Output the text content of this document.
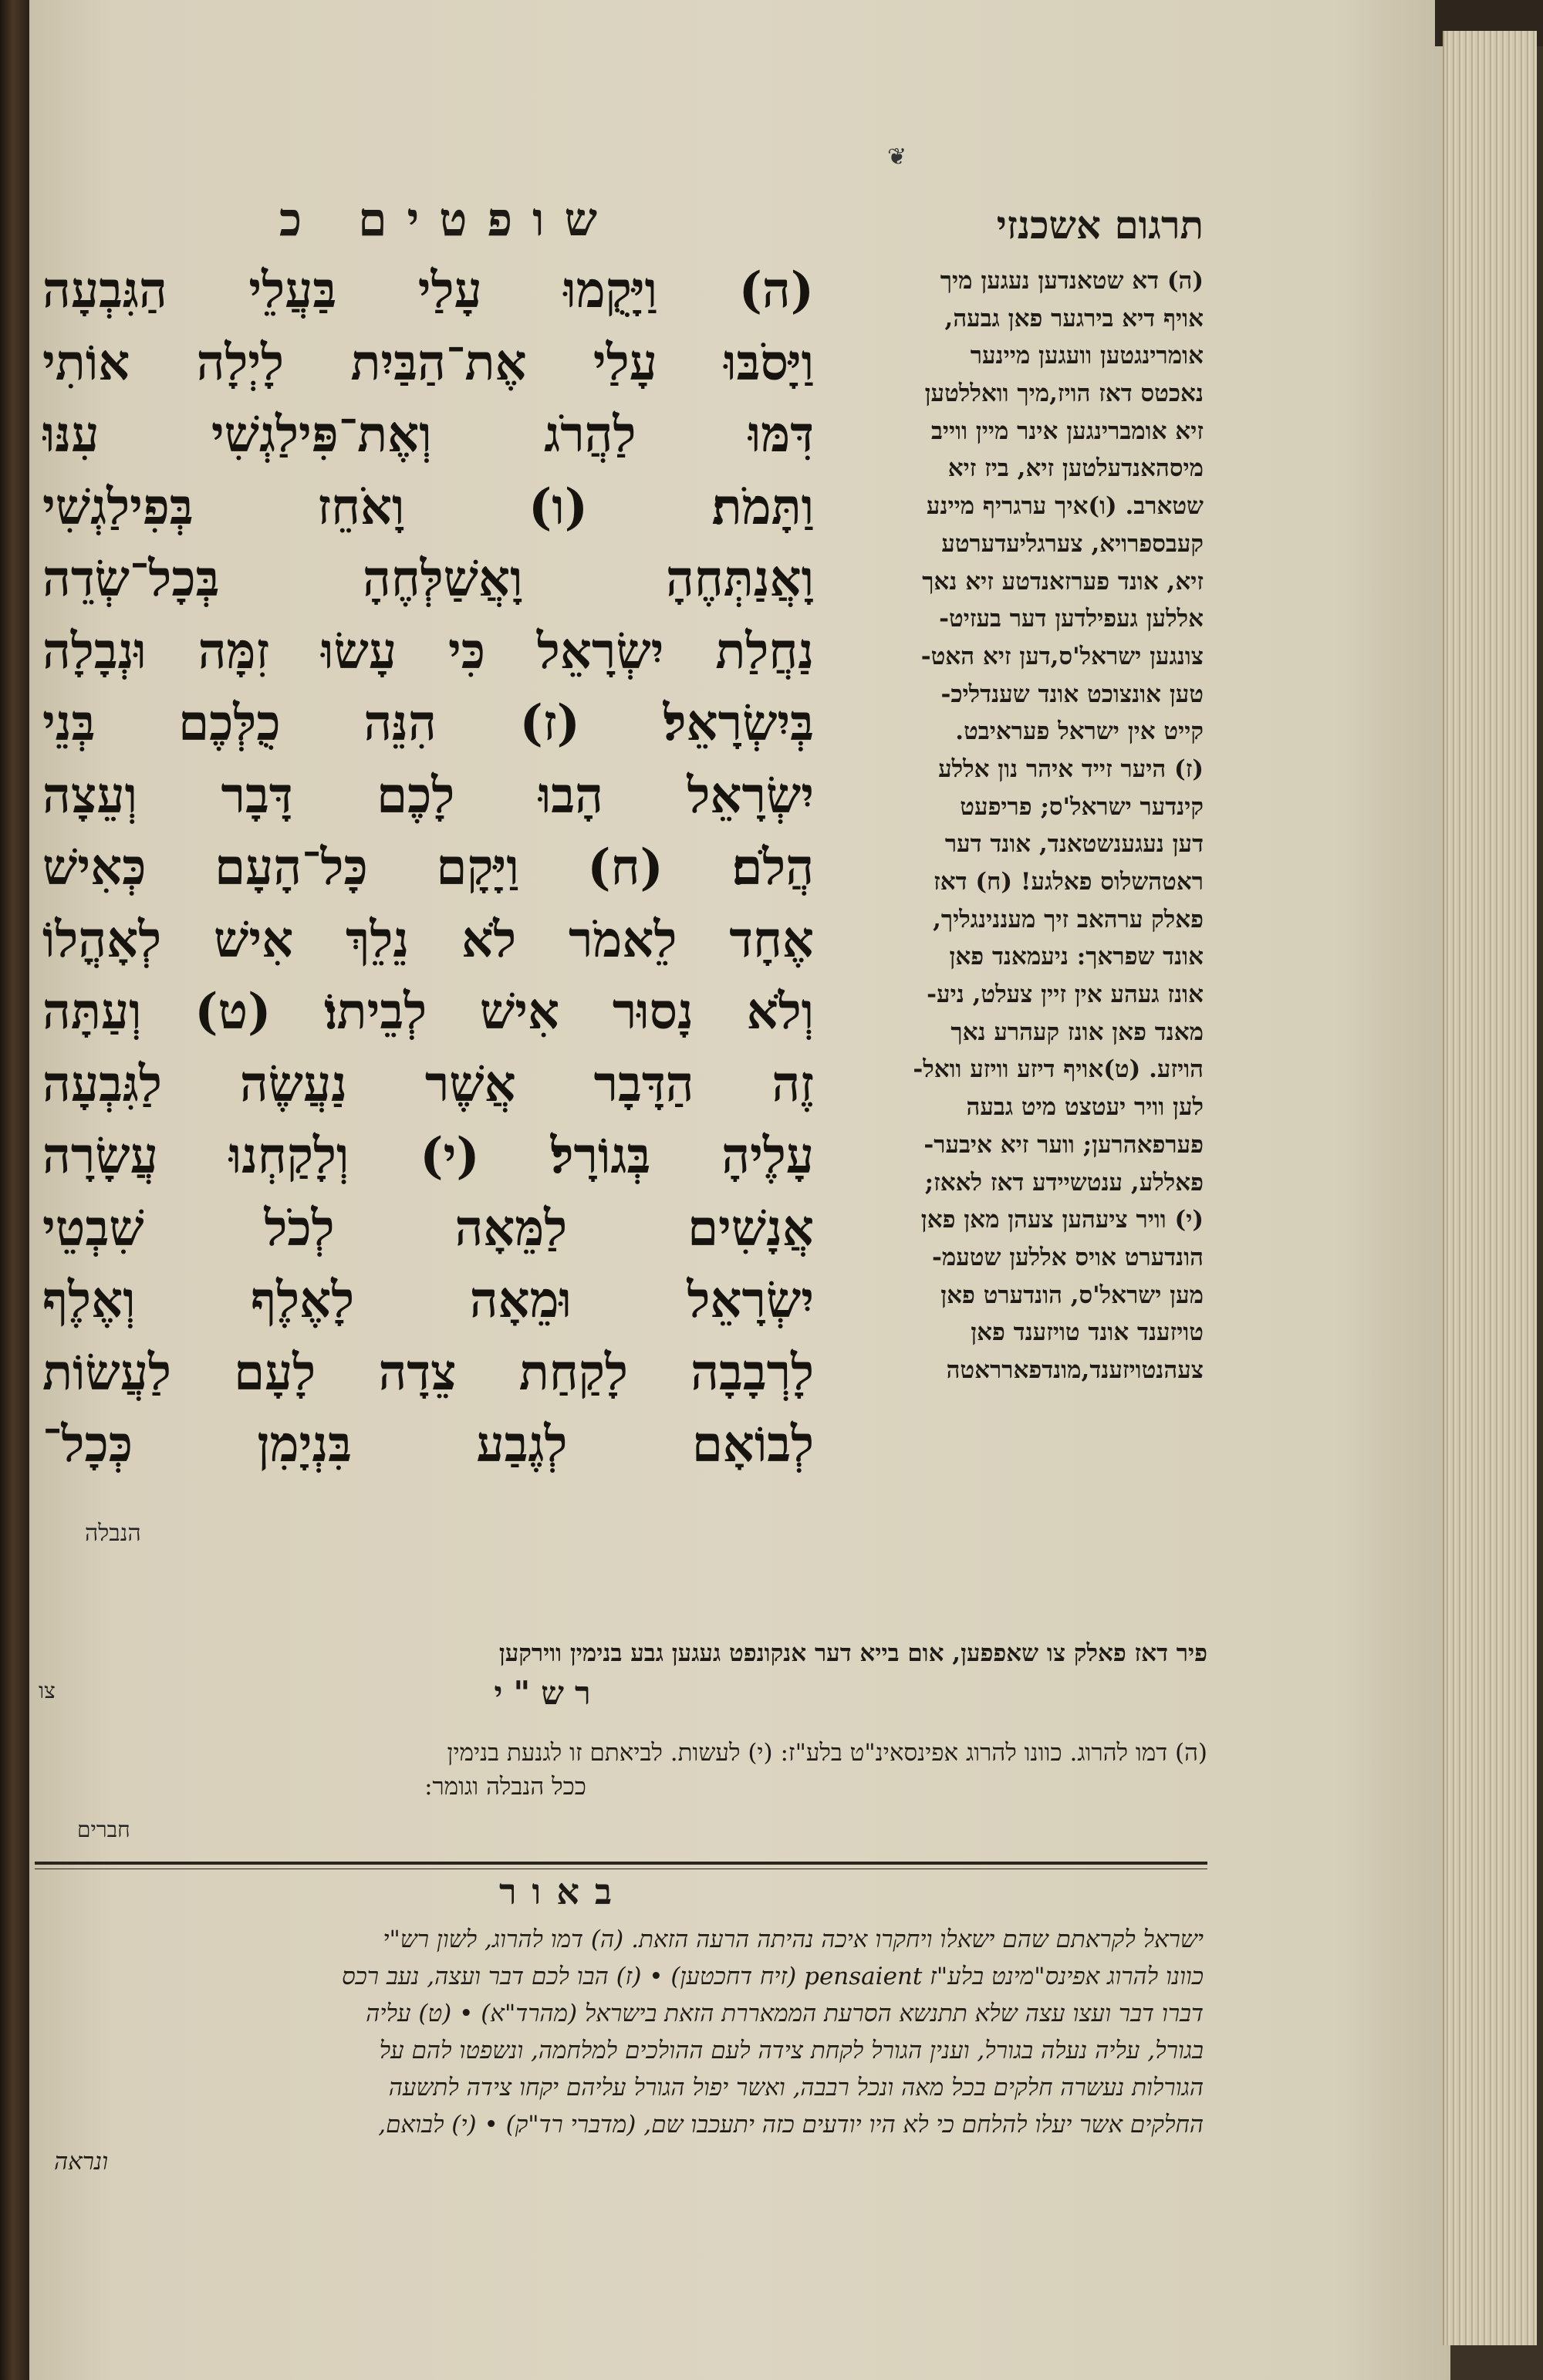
❦
שופטים כ	תרגום אשכנזי
(ה) וַיָּקֻמוּ עָלַי בַּעֲלֵי הַגִּבְעָה
וַיָּסֹבּוּ עָלַי אֶת־הַבַּיִת לָיְלָה אוֹתִי
דִּמּוּ לַהֲרֹג וְאֶת־פִּילַגְשִׁי עִנּוּ
וַתָּמֹת׃ (ו) וָאֹחֵז בְּפִילַגְשִׁי
וָאֲנַתְּחֶהָ וָאֲשַׁלְּחֶהָ בְּכָל־שְׂדֵה
נַחֲלַת יִשְׂרָאֵל כִּי עָשׂוּ זִמָּה וּנְבָלָה
בְּיִשְׂרָאֵל׃ (ז) הִנֵּה כֻלְּכֶם בְּנֵי
יִשְׂרָאֵל הָבוּ לָכֶם דָּבָר וְעֵצָה
הֲלֹם׃ (ח) וַיָּקָם כָּל־הָעָם כְּאִישׁ
אֶחָד לֵאמֹר לֹא נֵלֵךְ אִישׁ לְאָהֳלוֹ
וְלֹא נָסוּר אִישׁ לְבֵיתוֹ׃ (ט) וְעַתָּה
זֶה הַדָּבָר אֲשֶׁר נַעֲשֶׂה לַגִּבְעָה
עָלֶיהָ בְּגוֹרָל׃ (י) וְלָקַחְנוּ עֲשָׂרָה
אֲנָשִׁים לַמֵּאָה לְכֹל שִׁבְטֵי
יִשְׂרָאֵל וּמֵאָה לָאֶלֶף וְאֶלֶף
לָרְבָבָה לָקַחַת צֵדָה לָעָם לַעֲשׂוֹת
לְבוֹאָם לְגֶבַע בִּנְיָמִן כְּכָל־
הנבלה
(ה) דא שטאנדען נעגען מיך
אויף דיא בירגער פאן גבעה,
אומרינגטען וועגען מיינער
נאכטס דאז הויז,מיך וואללטען
זיא אומברינגען אינר מיין ווייב
מיסהאנדעלטען זיא, ביז זיא
שטארב. (ו)איך ערגריף מיינע
קעבספרויא, צערגליעדערטע
זיא, אונד פערזאנדטע זיא נאך
אללען געפילדען דער בעזיט-
צונגען ישראל'ס,דען זיא האט-
טען אונצוכט אונד שענדליכ-
קייט אין ישראל פעראיבט.
(ז) היער זייד איהר נון אללע
קינדער ישראל'ס; פריפעט
דען נעגענשטאנד, אונד דער
ראטהשלוס פאלגע! (ח) דאז
פאלק ערהאב זיך מעננינגליך,
אונד שפראך: ניעמאנד פאן
אונז געהע אין זיין צעלט, ניע-
מאנד פאן אונז קעהרע נאך
הויזע. (ט)אויף דיזע וויזע וואל-
לען וויר יעטצט מיט גבעה
פערפאהרען; ווער זיא איבער-
פאללע, ענטשיידע דאז לאאז;
(י) וויר ציעהען צעהן מאן פאן
הונדערט אויס אללען שטעמ-
מען ישראל'ס, הונדערט פאן
טויזענד אונד טויזענד פאן
צעהנטויזענד,מונדפארראטה
פיר דאז פאלק צו שאפפען, אום בייא דער אנקונפט געגען גבע בנימין ווירקען
צו	רש"י
(ה) דמו להרוג. כוונו להרוג אפינסאינ"ט בלע"ז: (י) לעשות. לביאתם זו לגנעת בנימין
ככל הנבלה וגומר:
חברים
באור
ישראל לקראתם שהם ישאלו ויחקרו איכה נהיתה הרעה הזאת. (ה) דמו להרוג, לשון רש"י
כוונו להרוג אפינס"מינט בלע"ז pensaient (זיח דחכטען) • (ז) הבו לכם דבר ועצה, נעב רכס
דברו דבר ועצו עצה שלא תתנשא הסרעת הממאררת הזאת בישראל (מהרד"א) • (ט) עליה
בגורל, עליה נעלה בגורל, וענין הגורל לקחת צידה לעם ההולכים למלחמה, ונשפטו להם על
הגורלות נעשרה חלקים בכל מאה ונכל רבבה, ואשר יפול הגורל עליהם יקחו צידה לתשעה
החלקים אשר יעלו להלחם כי לא היו יודעים כזה יתעכבו שם, (מדברי רד"ק) • (י) לבואם,
ונראה
